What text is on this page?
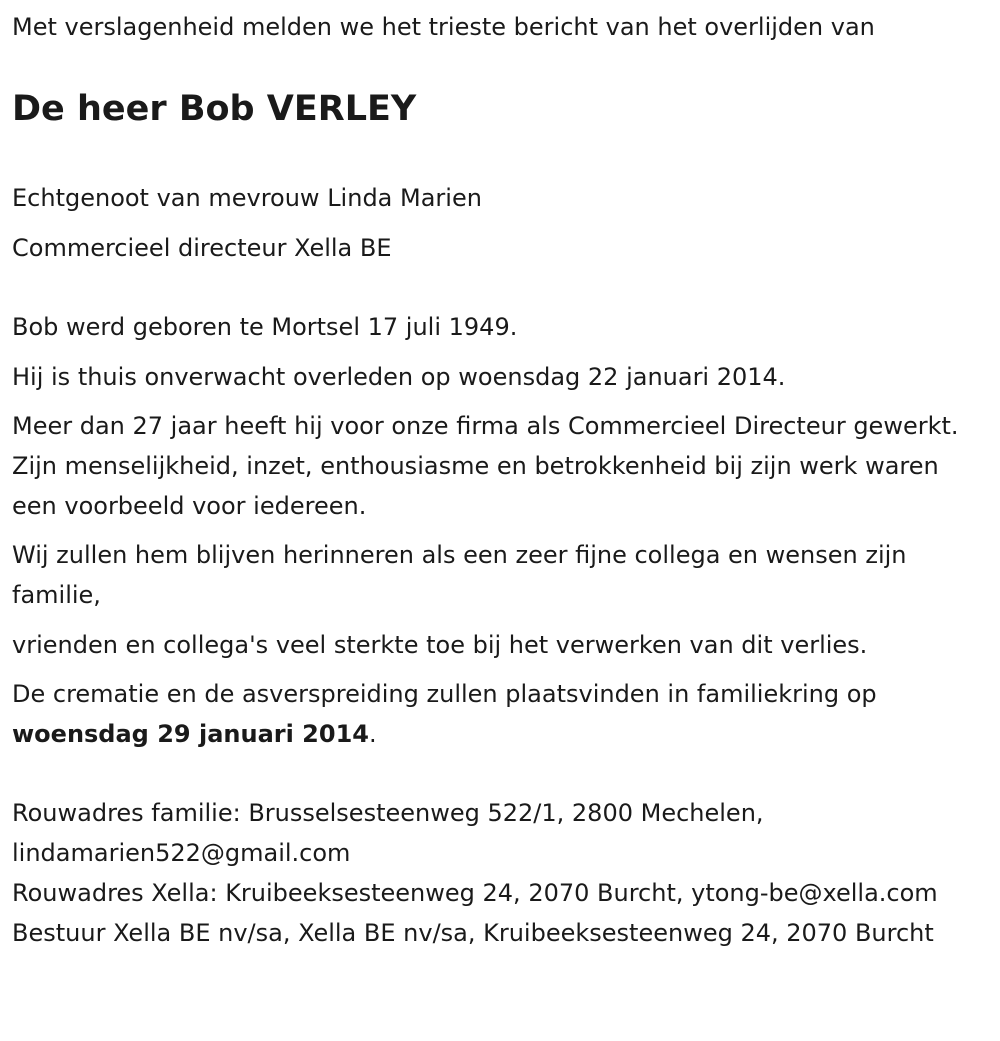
Met verslagenheid melden we het trieste bericht van het overlijden van

De heer Bob VERLEY

Echtgenoot van mevrouw Linda Marien

Commercieel directeur Xella BE

Bob werd geboren te Mortsel 17 juli 1949.

Hij is thuis onverwacht overleden op woensdag 22 januari 2014.

Meer dan 27 jaar heeft hij voor onze firma als Commercieel Directeur gewerkt. Zijn menselijkheid, inzet, enthousiasme en betrokkenheid bij zijn werk waren een voorbeeld voor iedereen.

Wij zullen hem blijven herinneren als een zeer fijne collega en wensen zijn familie,

vrienden en collega's veel sterkte toe bij het verwerken van dit verlies.

De crematie en de asverspreiding zullen plaatsvinden in familiekring op woensdag 29 januari 2014.

Rouwadres familie: Brusselsesteenweg 522/1, 2800 Mechelen, lindamarien522@gmail.com
Rouwadres Xella: Kruibeeksesteenweg 24, 2070 Burcht, ytong-be@xella.com
Bestuur Xella BE nv/sa, Xella BE nv/sa, Kruibeeksesteenweg 24, 2070 Burcht
